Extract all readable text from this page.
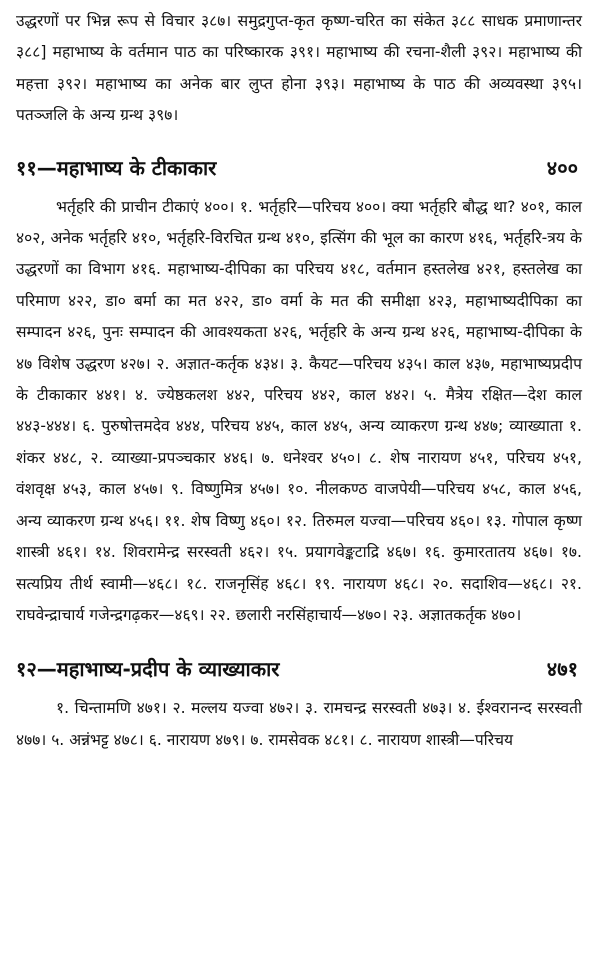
उद्धरणों पर भिन्न रूप से विचार ३८७। समुद्रगुप्त-कृत कृष्ण-चरित का संकेत ३८८ साधक प्रमाणान्तर ३८८] महाभाष्य के वर्तमान पाठ का परिष्कारक ३९१। महाभाष्य की रचना-शैली ३९२। महाभाष्य की महत्ता ३९२। महाभाष्य का अनेक बार लुप्त होना ३९३। महाभाष्य के पाठ की अव्यवस्था ३९५। पतञ्जलि के अन्य ग्रन्थ ३९७।

११—महाभाष्य के टीकाकार	४००

भर्तृहरि की प्राचीन टीकाएं ४००। १. भर्तृहरि—परिचय ४००। क्या भर्तृहरि बौद्ध था? ४०१, काल ४०२, अनेक भर्तृहरि ४१०, भर्तृहरि-विरचित ग्रन्थ ४१०, इत्सिंग की भूल का कारण ४१६, भर्तृहरि-त्रय के उद्धरणों का विभाग ४१६. महाभाष्य-दीपिका का परिचय ४१८, वर्तमान हस्तलेख ४२१, हस्तलेख का परिमाण ४२२, डा० बर्मा का मत ४२२, डा० वर्मा के मत की समीक्षा ४२३, महाभाष्यदीपिका का सम्पादन ४२६, पुनः सम्पादन की आवश्यकता ४२६, भर्तृहरि के अन्य ग्रन्थ ४२६, महाभाष्य-दीपिका के ४७ विशेष उद्धरण ४२७। २. अज्ञात-कर्तृक ४३४। ३. कैयट—परिचय ४३५। काल ४३७, महाभाष्यप्रदीप के टीकाकार ४४१। ४. ज्येष्ठकलश ४४२, परिचय ४४२, काल ४४२। ५. मैत्रेय रक्षित—देश काल ४४३-४४४। ६. पुरुषोत्तमदेव ४४४, परिचय ४४५, काल ४४५, अन्य व्याकरण ग्रन्थ ४४७; व्याख्याता १. शंकर ४४८, २. व्याख्या-प्रपञ्चकार ४४६। ७. धनेश्वर ४५०। ८. शेष नारायण ४५१, परिचय ४५१, वंशवृक्ष ४५३, काल ४५७। ९. विष्णुमित्र ४५७। १०. नीलकण्ठ वाजपेयी—परिचय ४५८, काल ४५६, अन्य व्याकरण ग्रन्थ ४५६। ११. शेष विष्णु ४६०। १२. तिरुमल यज्वा—परिचय ४६०। १३. गोपाल कृष्ण शास्त्री ४६१। १४. शिवरामेन्द्र सरस्वती ४६२। १५. प्रयागवेङ्कटाद्रि ४६७। १६. कुमारतातय ४६७। १७. सत्यप्रिय तीर्थ स्वामी—४६८। १८. राजनृसिंह ४६८। १९. नारायण ४६८। २०. सदाशिव—४६८। २१. राघवेन्द्राचार्य गजेन्द्रगढ़कर—४६९। २२. छलारी नरसिंहाचार्य—४७०। २३. अज्ञातकर्तृक ४७०।

१२—महाभाष्य-प्रदीप के व्याख्याकार	४७१

१. चिन्तामणि ४७१। २. मल्लय यज्वा ४७२। ३. रामचन्द्र सरस्वती ४७३। ४. ईश्वरानन्द सरस्वती ४७७। ५. अन्नंभट्ट ४७८। ६. नारायण ४७९। ७. रामसेवक ४८१। ८. नारायण शास्त्री—परिचय
